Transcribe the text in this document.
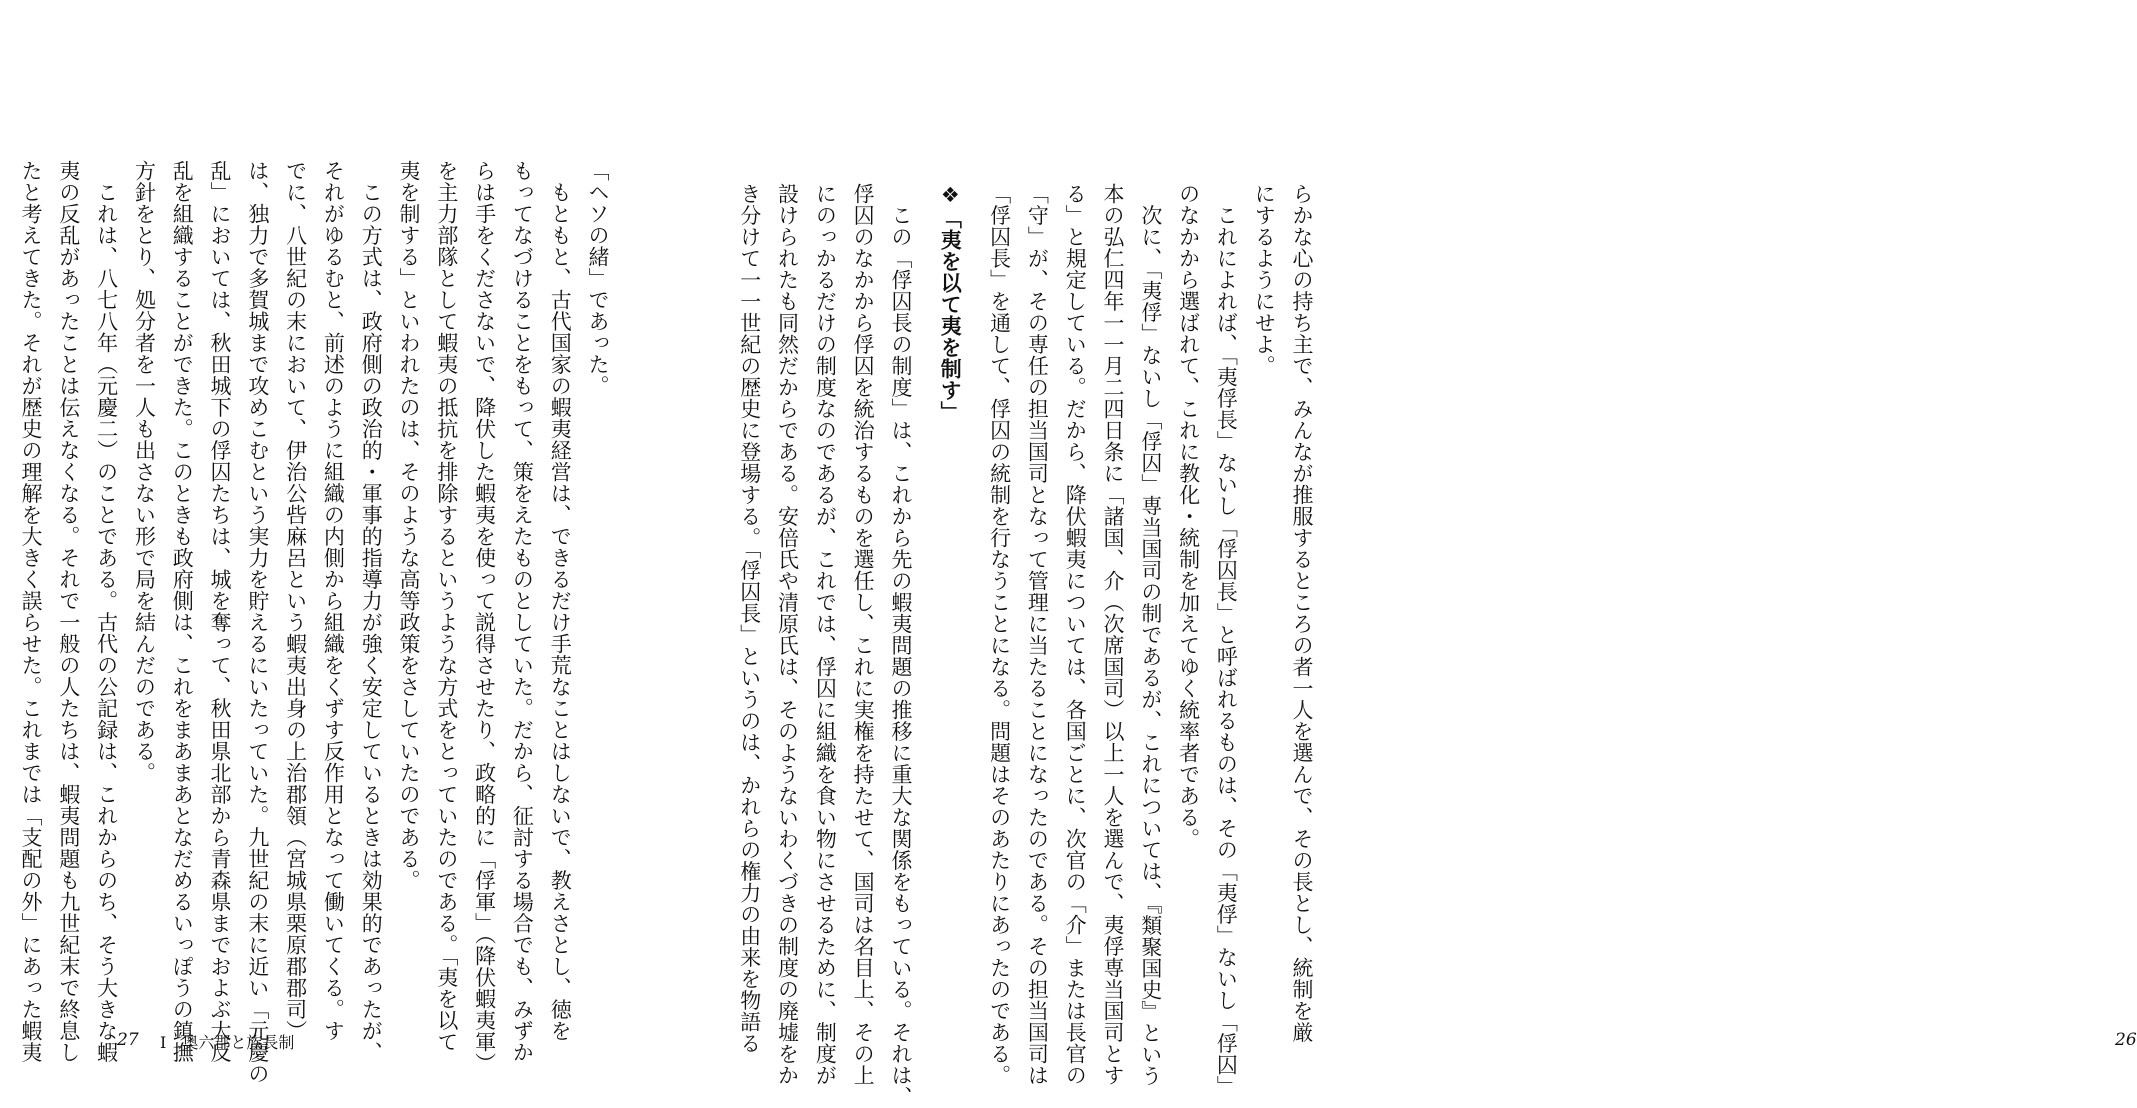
「ヘソの緒」であった。
　もともと、古代国家の蝦夷経営は、できるだけ手荒なことはしないで、教えさとし、徳を
もってなづけることをもって、策をえたものとしていた。だから、征討する場合でも、みずか
らは手をくださないで、降伏した蝦夷を使って説得させたり、政略的に「俘軍」（降伏蝦夷軍）
を主力部隊として蝦夷の抵抗を排除するというような方式をとっていたのである。「夷を以て
夷を制する」といわれたのは、そのような高等政策をさしていたのである。
　この方式は、政府側の政治的・軍事的指導力が強く安定しているときは効果的であったが、
それがゆるむと、前述のように組織の内側から組織をくずす反作用となって働いてくる。す
でに、八世紀の末において、伊治公呰麻呂という蝦夷出身の上治郡領（宮城県栗原郡郡司）
は、独力で多賀城まで攻めこむという実力を貯えるにいたっていた。九世紀の末に近い「元慶の
乱」においては、秋田城下の俘囚たちは、城を奪って、秋田県北部から青森県までおよぶ大反
乱を組織することができた。このときも政府側は、これをまあまあとなだめるいっぽうの鎮撫
方針をとり、処分者を一人も出さない形で局を結んだのである。
　これは、八七八年（元慶二）のことである。古代の公記録は、これからのち、そう大きな蝦
夷の反乱があったことは伝えなくなる。それで一般の人たちは、蝦夷問題も九世紀末で終息し
たと考えてきた。それが歴史の理解を大きく誤らせた。これまでは「支配の外」にあった蝦夷	27 Ⅰ　奥六郡と族長制	らかな心の持ち主で、みんなが推服するところの者一人を選んで、その長とし、統制を厳
にするようにせよ。
　これによれば、「夷俘長」ないし「俘囚長」と呼ばれるものは、その「夷俘」ないし「俘囚」
のなかから選ばれて、これに教化・統制を加えてゆく統率者である。
　次に、「夷俘」ないし「俘囚」専当国司の制であるが、これについては、『類聚国史』という
本の弘仁四年一一月二四日条に「諸国、介（次席国司）以上一人を選んで、夷俘専当国司とす
る」と規定している。だから、降伏蝦夷については、各国ごとに、次官の「介」または長官の
「守」が、その専任の担当国司となって管理に当たることになったのである。その担当国司は
「俘囚長」を通して、俘囚の統制を行なうことになる。問題はそのあたりにあったのである。
❖「夷を以て夷を制す」
　この「俘囚長の制度」は、これから先の蝦夷問題の推移に重大な関係をもっている。それは、
俘囚のなかから俘囚を統治するものを選任し、これに実権を持たせて、国司は名目上、その上
にのっかるだけの制度なのであるが、これでは、俘囚に組織を食い物にさせるために、制度が
設けられたも同然だからである。安倍氏や清原氏は、そのようないわくづきの制度の廃墟をか
き分けて一一世紀の歴史に登場する。「俘囚長」というのは、かれらの権力の由来を物語る	26
